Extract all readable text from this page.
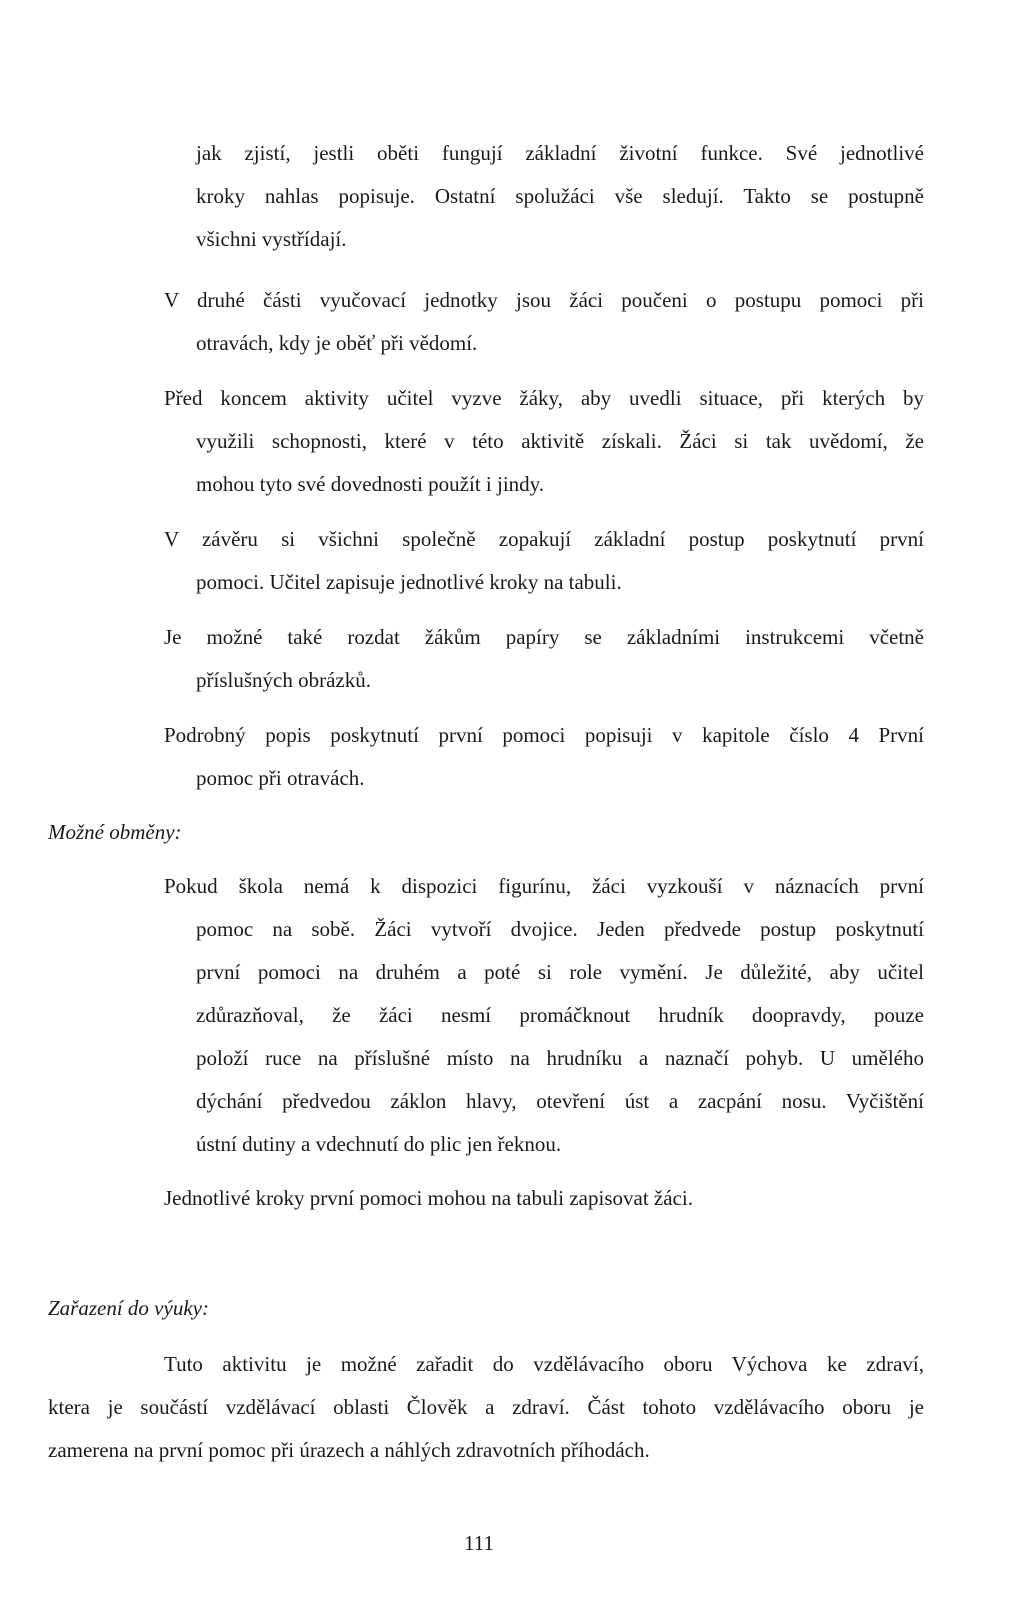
jak zjistí, jestli oběti fungují základní životní funkce. Své jednotlivé
kroky nahlas popisuje. Ostatní spolužáci vše sledují. Takto se postupně
všichni vystřídají.
V druhé části vyučovací jednotky jsou žáci poučeni o postupu pomoci při
otravách, kdy je oběť při vědomí.
Před koncem aktivity učitel vyzve žáky, aby uvedli situace, při kterých by
využili schopnosti, které v této aktivitě získali. Žáci si tak uvědomí, že
mohou tyto své dovednosti použít i jindy.
V závěru si všichni společně zopakují základní postup poskytnutí první
pomoci. Učitel zapisuje jednotlivé kroky na tabuli.
Je možné také rozdat žákům papíry se základními instrukcemi včetně
příslušných obrázků.
Podrobný popis poskytnutí první pomoci popisuji v kapitole číslo 4 První
pomoc při otravách.
Možné obměny:
Pokud škola nemá k dispozici figurínu, žáci vyzkouší v náznacích první
pomoc na sobě. Žáci vytvoří dvojice. Jeden předvede postup poskytnutí
první pomoci na druhém a poté si role vymění. Je důležité, aby učitel
zdůrazňoval, že žáci nesmí promáčknout hrudník doopravdy, pouze
položí ruce na příslušné místo na hrudníku a naznačí pohyb. U umělého
dýchání předvedou záklon hlavy, otevření úst a zacpání nosu. Vyčištění
ústní dutiny a vdechnutí do plic jen řeknou.
Jednotlivé kroky první pomoci mohou na tabuli zapisovat žáci.
Zařazení do výuky:
Tuto aktivitu je možné zařadit do vzdělávacího oboru Výchova ke zdraví,
ktera je součástí vzdělávací oblasti Člověk a zdraví. Část tohoto vzdělávacího oboru je
zamerena na první pomoc při úrazech a náhlých zdravotních příhodách.
111
